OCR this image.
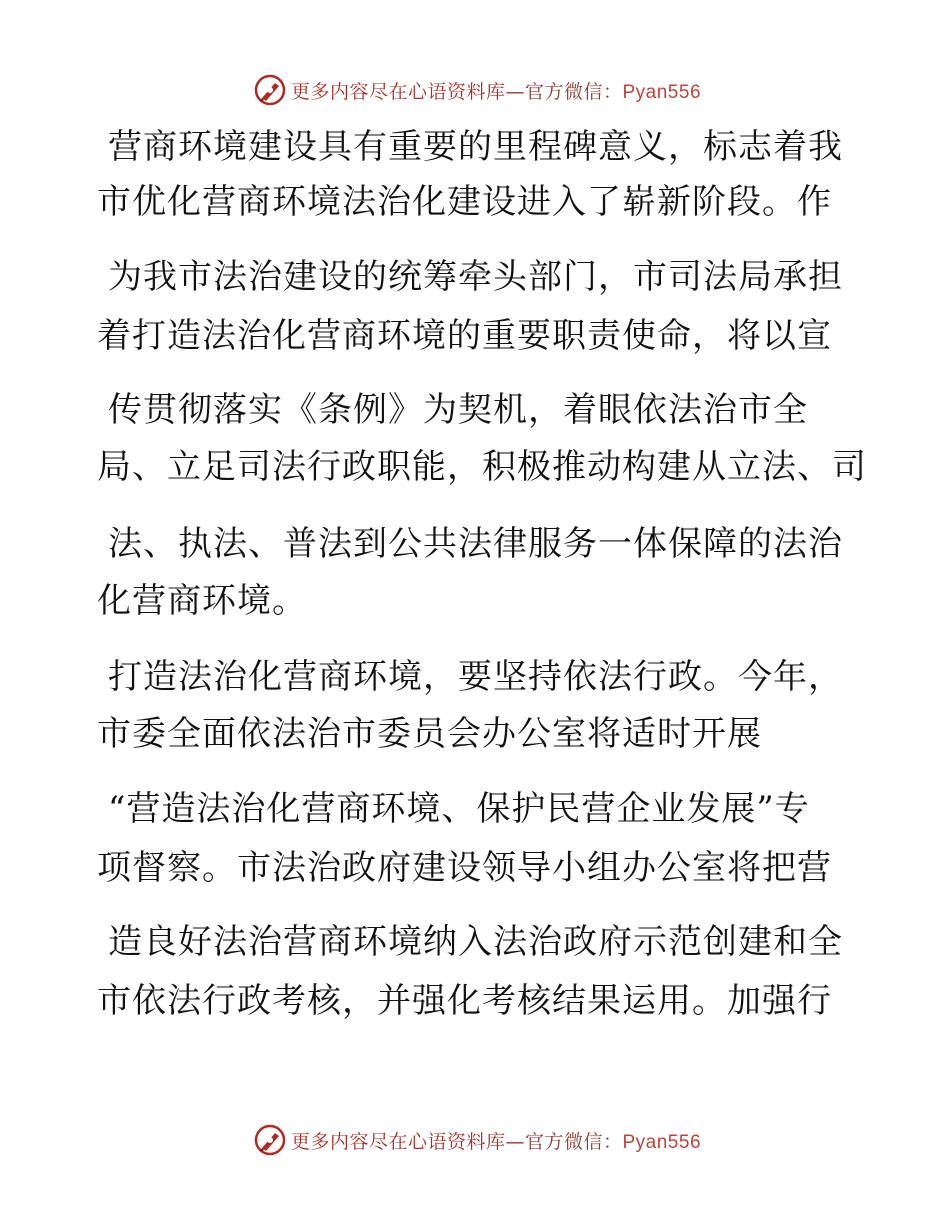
更多内容尽在心语资料库—官方微信：Pyan556
营商环境建设具有重要的里程碑意义，标志着我
市优化营商环境法治化建设进入了崭新阶段。作
为我市法治建设的统筹牵头部门，市司法局承担
着打造法治化营商环境的重要职责使命，将以宣
传贯彻落实《条例》为契机，着眼依法治市全
局、立足司法行政职能，积极推动构建从立法、司
法、执法、普法到公共法律服务一体保障的法治
化营商环境。
打造法治化营商环境，要坚持依法行政。今年，
市委全面依法治市委员会办公室将适时开展
“营造法治化营商环境、保护民营企业发展”专
项督察。市法治政府建设领导小组办公室将把营
造良好法治营商环境纳入法治政府示范创建和全
市依法行政考核，并强化考核结果运用。加强行
更多内容尽在心语资料库—官方微信：Pyan556
